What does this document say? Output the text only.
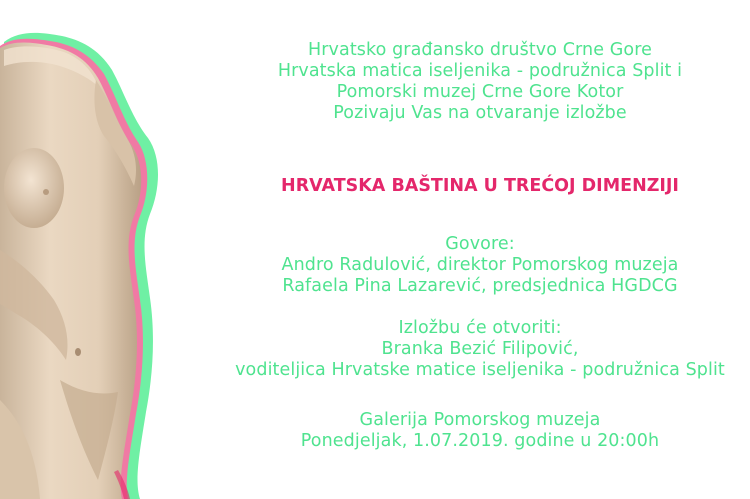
Hrvatsko građansko društvo Crne Gore
Hrvatska matica iseljenika - podružnica Split i
Pomorski muzej Crne Gore Kotor
Pozivaju Vas na otvaranje izložbe
HRVATSKA BAŠTINA U TREĆOJ DIMENZIJI
Govore:
Andro Radulović, direktor Pomorskog muzeja
Rafaela Pina Lazarević, predsjednica HGDCG
Izložbu će otvoriti:
Branka Bezić Filipović,
voditeljica Hrvatske matice iseljenika - podružnica Split
Galerija Pomorskog muzeja
Ponedjeljak, 1.07.2019. godine u 20:00h
